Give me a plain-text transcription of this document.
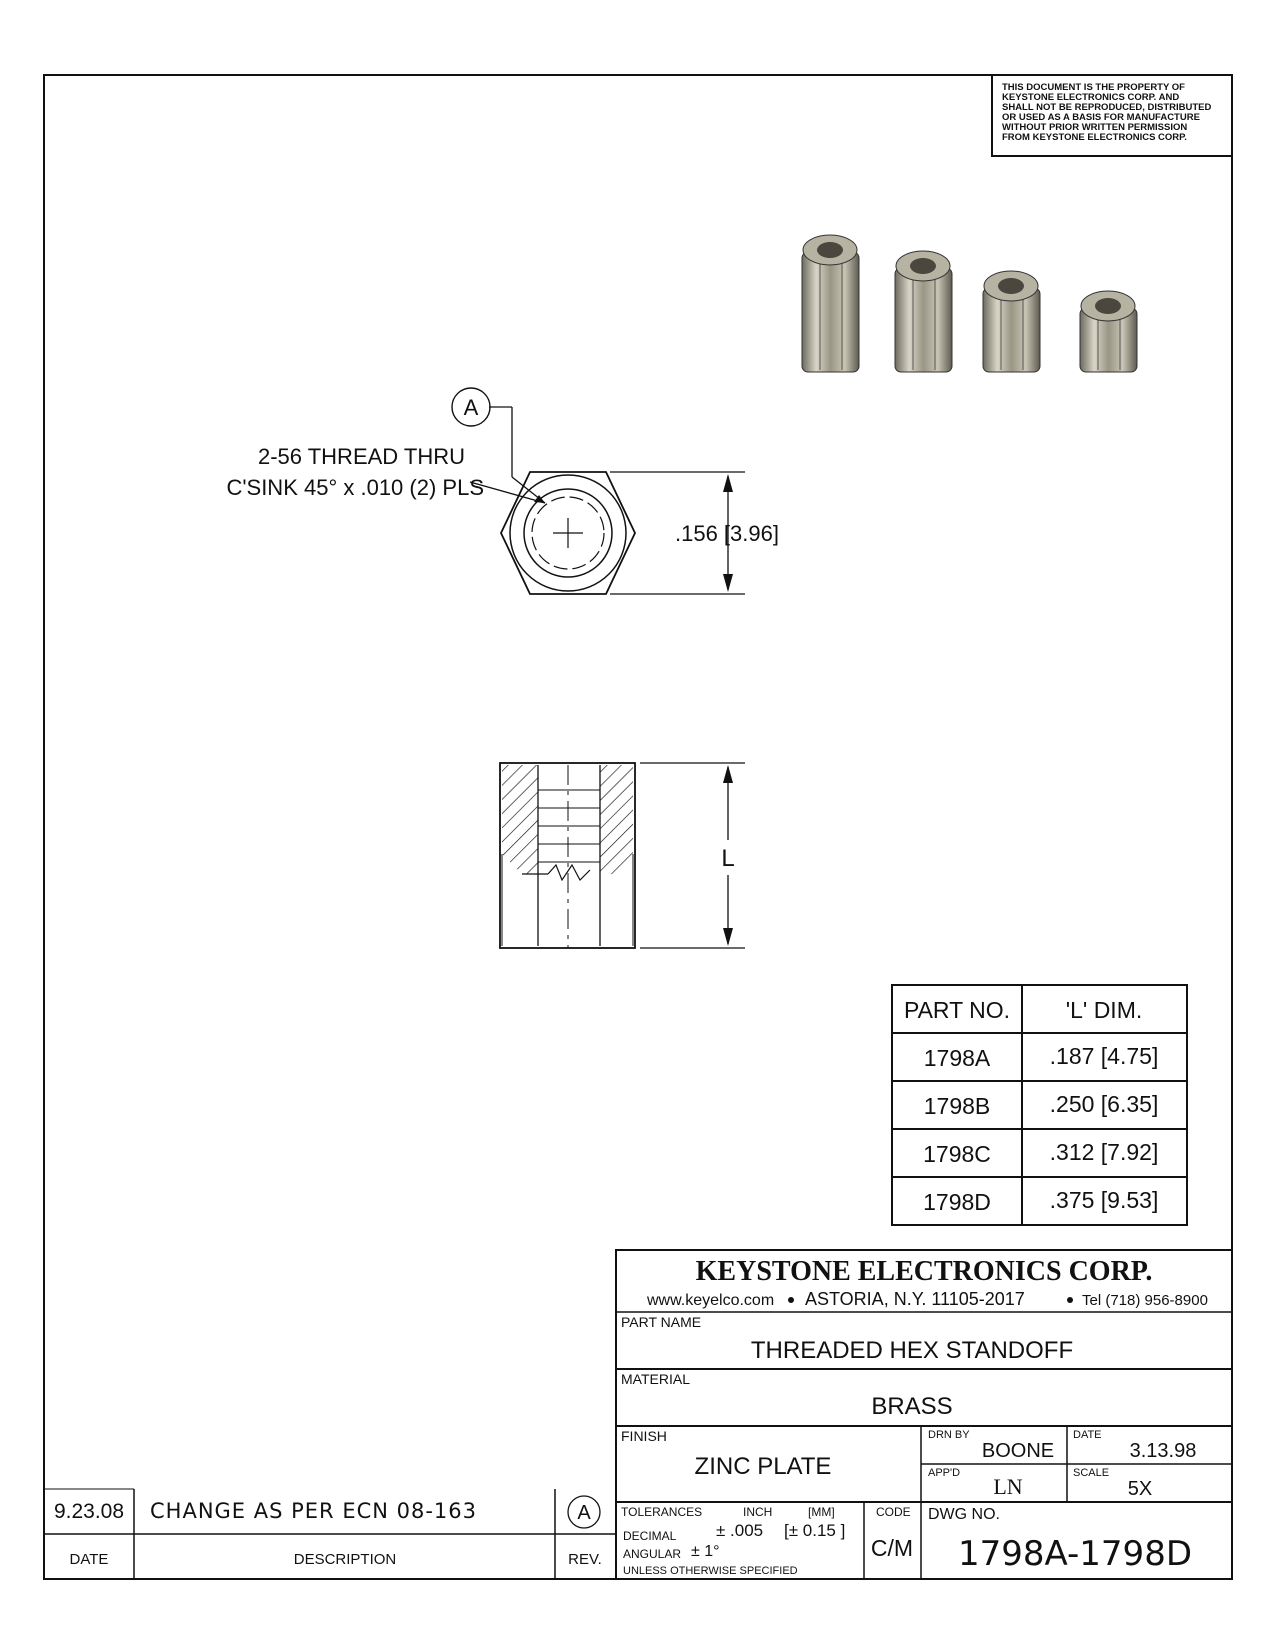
THIS DOCUMENT IS THE PROPERTY OF
KEYSTONE ELECTRONICS CORP. AND
SHALL NOT BE REPRODUCED, DISTRIBUTED
OR USED AS A BASIS FOR MANUFACTURE
WITHOUT PRIOR WRITTEN PERMISSION
FROM KEYSTONE ELECTRONICS CORP.
A
2-56 THREAD THRU
C'SINK 45° x .010 (2) PLS
.156 [3.96]
L
PART NO. 'L' DIM.
1798A	.187 [4.75]
1798B	.250 [6.35]
1798C	.312 [7.92]
1798D	.375 [9.53]
KEYSTONE ELECTRONICS CORP.
www.keyelco.com ASTORIA, N.Y. 11105-2017	Tel (718) 956-8900
PART NAME
THREADED HEX STANDOFF
MATERIAL
BRASS
FINISH
ZINC PLATE
DRN BY
BOONE
DATE
3.13.98
APP'D
LN
SCALE
5X
TOLERANCES	INCH	[MM]
DECIMAL ± .005 [± 0.15 ]
ANGULAR ± 1°
UNLESS OTHERWISE SPECIFIED
CODE
C/M
DWG NO.
1798A-1798D
9.23.08 CHANGE AS PER ECN 08-163	A
DATE	DESCRIPTION	REV.
